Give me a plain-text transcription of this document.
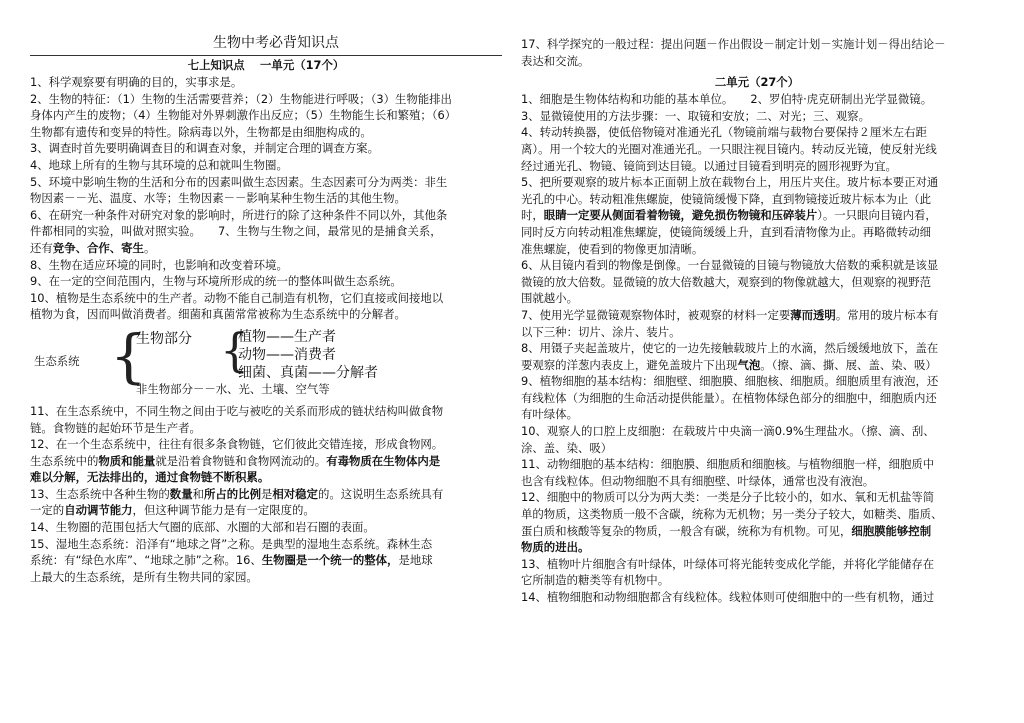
生物中考必背知识点
七上知识点　 一单元（17个）
1、科学观察要有明确的目的，实事求是。
2、生物的特征：（1）生物的生活需要营养；（2）生物能进行呼吸；（3）生物能排出
身体内产生的废物；（4）生物能对外界刺激作出反应；（5）生物能生长和繁殖；（6）
生物都有遗传和变异的特性。除病毒以外，生物都是由细胞构成的。
3、调查时首先要明确调查目的和调查对象，并制定合理的调查方案。
4、地球上所有的生物与其环境的总和就叫生物圈。
5、环境中影响生物的生活和分布的因素叫做生态因素。生态因素可分为两类：非生
物因素－－光、温度、水等；生物因素－－影响某种生物生活的其他生物。
6、在研究一种条件对研究对象的影响时，所进行的除了这种条件不同以外，其他条
件都相同的实验，叫做对照实验。　　7、生物与生物之间，最常见的是捕食关系，
还有竞争、合作、寄生。
8、生物在适应环境的同时，也影响和改变着环境。
9、在一定的空间范围内，生物与环境所形成的统一的整体叫做生态系统。
10、植物是生态系统中的生产者。动物不能自己制造有机物，它们直接或间接地以
植物为食，因而叫做消费者。细菌和真菌常常被称为生态系统中的分解者。
生态系统 {
生物部分 {
植物——生产者
动物——消费者
细菌、真菌——分解者
非生物部分－－水、光、土壤、空气等
11、在生态系统中，不同生物之间由于吃与被吃的关系而形成的链状结构叫做食物
链。食物链的起始环节是生产者。
12、在一个生态系统中，往往有很多条食物链，它们彼此交错连接，形成食物网。
生态系统中的物质和能量就是沿着食物链和食物网流动的。有毒物质在生物体内是
难以分解，无法排出的，通过食物链不断积累。
13、生态系统中各种生物的数量和所占的比例是相对稳定的。这说明生态系统具有
一定的自动调节能力，但这种调节能力是有一定限度的。
14、生物圈的范围包括大气圈的底部、水圈的大部和岩石圈的表面。
15、湿地生态系统：沿泽有“地球之肾”之称。是典型的湿地生态系统。森林生态
系统：有“绿色水库”、“地球之肺”之称。16、生物圈是一个统一的整体，是地球
上最大的生态系统，是所有生物共同的家园。
17、科学探究的一般过程：提出问题－作出假设－制定计划－实施计划－得出结论－
表达和交流。
二单元（27个）
1、细胞是生物体结构和功能的基本单位。　　2、罗伯特·虎克研制出光学显微镜。
3、显微镜使用的方法步骤：一、取镜和安放；二、对光；三、观察。
4、转动转换器，使低倍物镜对准通光孔（物镜前端与载物台要保持２厘米左右距
离）。用一个较大的光圈对准通光孔。一只眼注视目镜内。转动反光镜，使反射光线
经过通光孔、物镜、镜筒到达目镜。以通过目镜看到明亮的圆形视野为宜。
5、把所要观察的玻片标本正面朝上放在载物台上，用压片夹住。玻片标本要正对通
光孔的中心。转动粗准焦螺旋，使镜筒缓慢下降，直到物镜接近玻片标本为止（此
时，眼睛一定要从侧面看着物镜，避免损伤物镜和压碎装片）。一只眼向目镜内看，
同时反方向转动粗准焦螺旋，使镜筒缓缓上升，直到看清物像为止。再略微转动细
准焦螺旋，使看到的物像更加清晰。
6、从目镜内看到的物像是倒像。一台显微镜的目镜与物镜放大倍数的乘积就是该显
微镜的放大倍数。显微镜的放大倍数越大，观察到的物像就越大，但观察的视野范
围就越小。
7、使用光学显微镜观察物体时，被观察的材料一定要薄而透明。常用的玻片标本有
以下三种：切片、涂片、装片。
8、用镊子夹起盖玻片，使它的一边先接触载玻片上的水滴，然后缓缓地放下，盖在
要观察的洋葱内表皮上，避免盖玻片下出现气泡。（擦、滴、撕、展、盖、染、吸）
9、植物细胞的基本结构：细胞壁、细胞膜、细胞核、细胞质。细胞质里有液泡，还
有线粒体（为细胞的生命活动提供能量）。在植物体绿色部分的细胞中，细胞质内还
有叶绿体。
10、观察人的口腔上皮细胞：在载玻片中央滴一滴0.9%生理盐水。（擦、滴、刮、
涂、盖、染、吸）
11、动物细胞的基本结构：细胞膜、细胞质和细胞核。与植物细胞一样，细胞质中
也含有线粒体。但动物细胞不具有细胞壁、叶绿体，通常也没有液泡。
12、细胞中的物质可以分为两大类：一类是分子比较小的，如水、氧和无机盐等简
单的物质，这类物质一般不含碳，统称为无机物；另一类分子较大，如糖类、脂质、
蛋白质和核酸等复杂的物质，一般含有碳，统称为有机物。可见，细胞膜能够控制
物质的进出。
13、植物叶片细胞含有叶绿体，叶绿体可将光能转变成化学能，并将化学能储存在
它所制造的糖类等有机物中。
14、植物细胞和动物细胞都含有线粒体。线粒体则可使细胞中的一些有机物，通过
